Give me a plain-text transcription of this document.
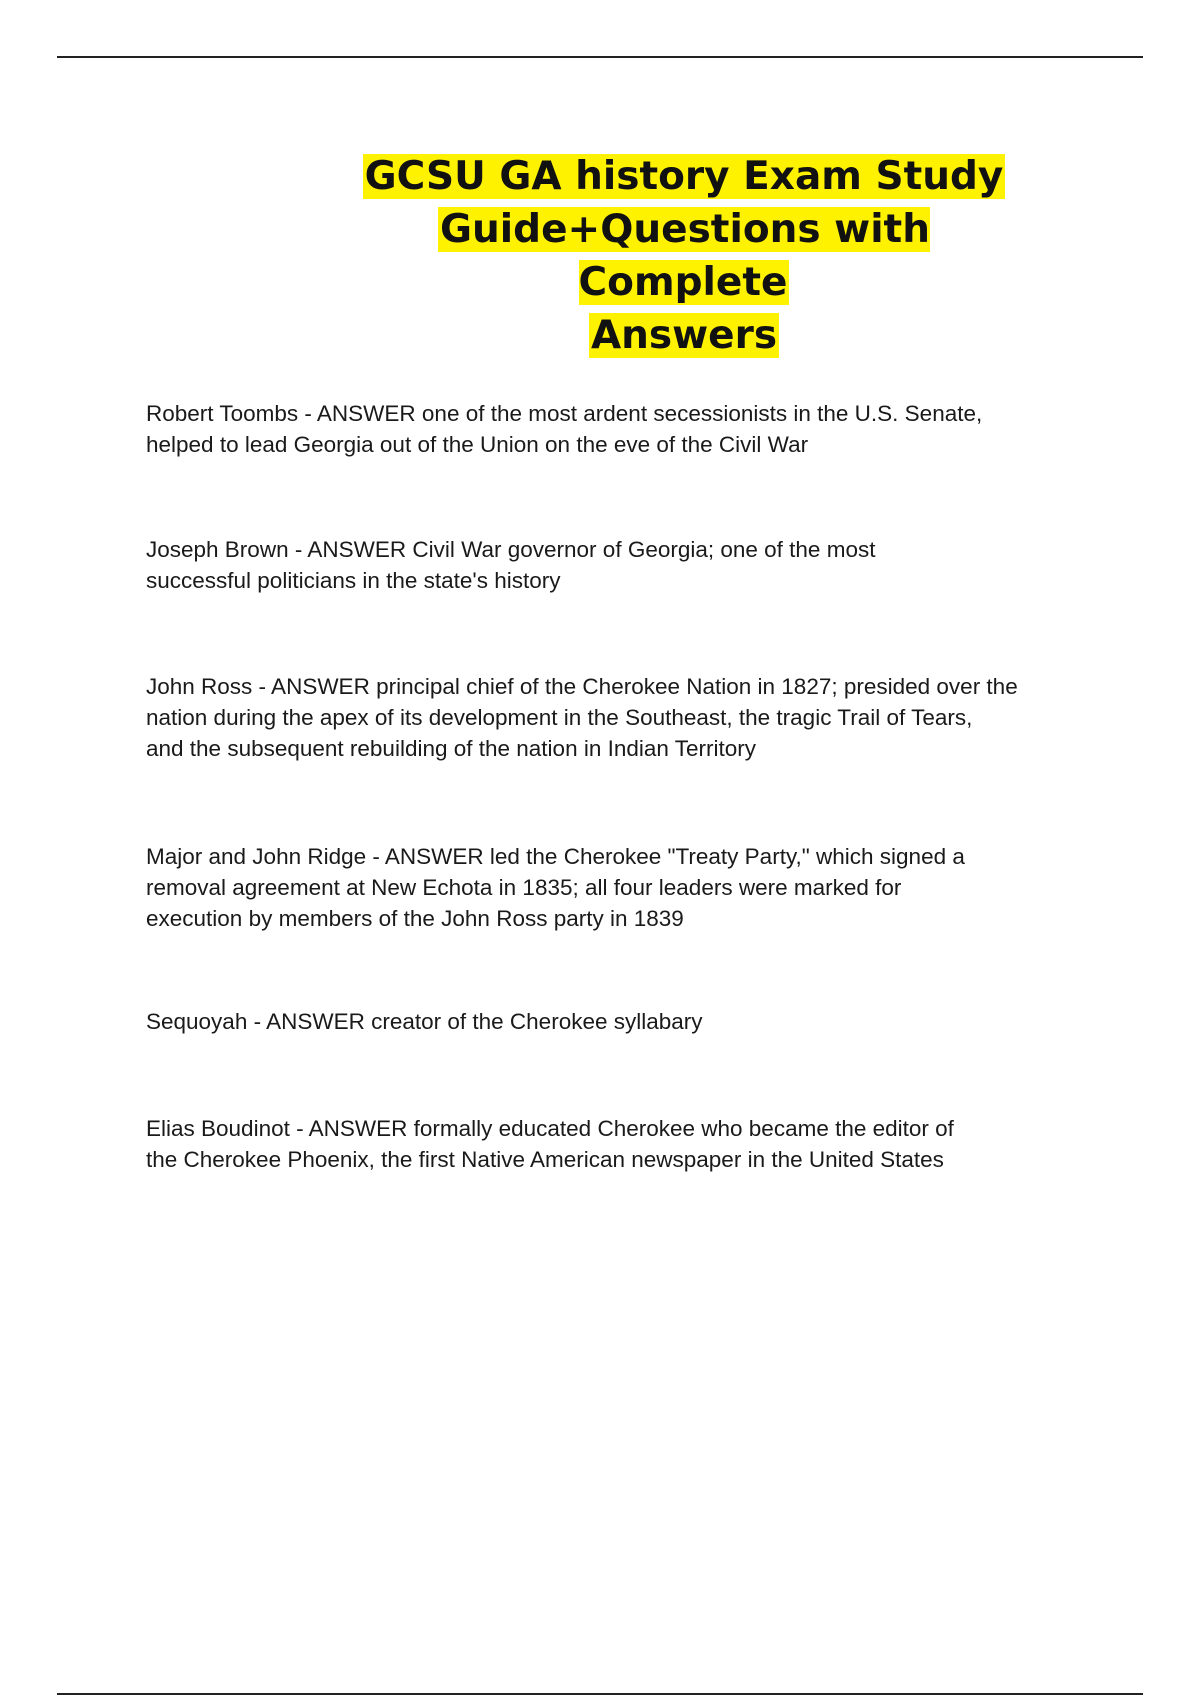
GCSU GA history Exam Study
Guide+Questions with Complete
Answers

Robert Toombs - ANSWER one of the most ardent secessionists in the U.S. Senate,
helped to lead Georgia out of the Union on the eve of the Civil War

Joseph Brown - ANSWER Civil War governor of Georgia; one of the most
successful politicians in the state's history

John Ross - ANSWER principal chief of the Cherokee Nation in 1827; presided over the
nation during the apex of its development in the Southeast, the tragic Trail of Tears,
and the subsequent rebuilding of the nation in Indian Territory

Major and John Ridge - ANSWER led the Cherokee "Treaty Party," which signed a
removal agreement at New Echota in 1835; all four leaders were marked for
execution by members of the John Ross party in 1839

Sequoyah - ANSWER creator of the Cherokee syllabary

Elias Boudinot - ANSWER formally educated Cherokee who became the editor of
the Cherokee Phoenix, the first Native American newspaper in the United States
